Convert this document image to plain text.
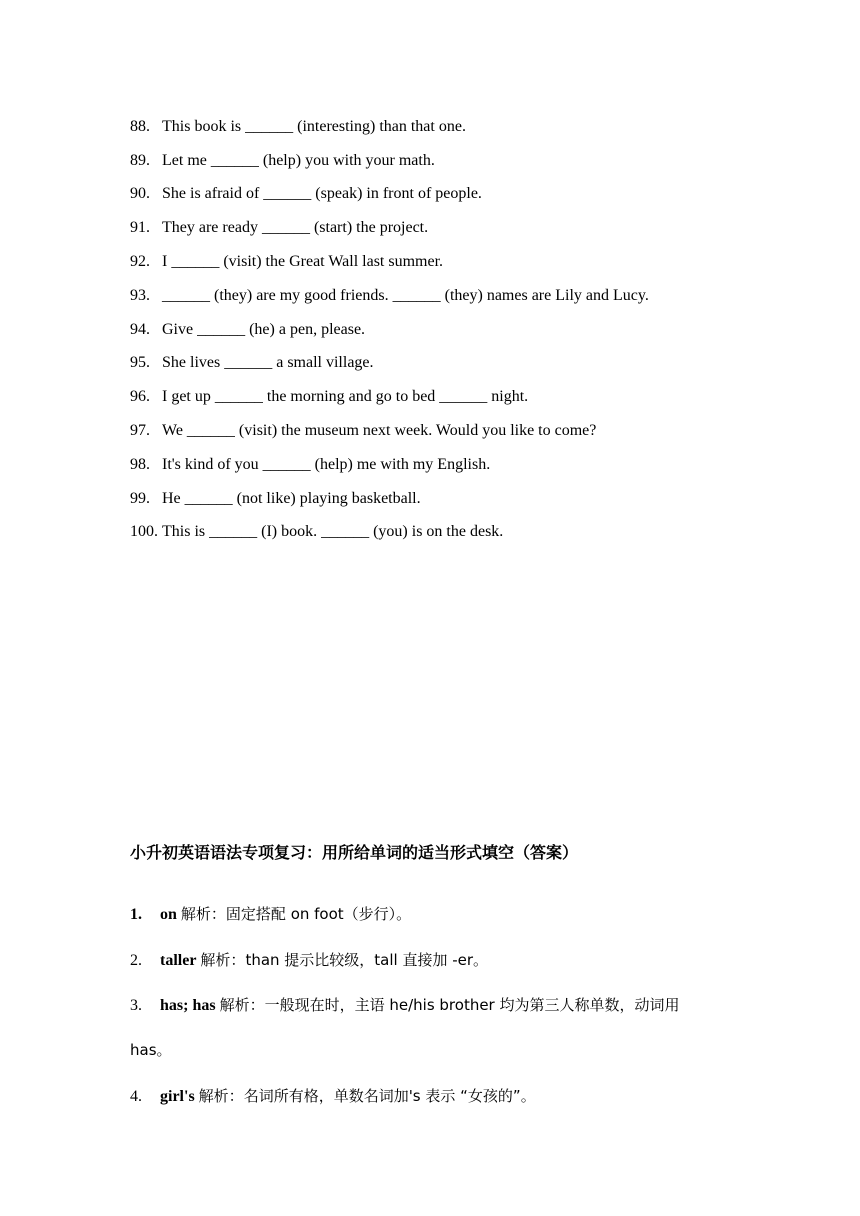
88. This book is ______ (interesting) than that one.
89. Let me ______ (help) you with your math.
90. She is afraid of ______ (speak) in front of people.
91. They are ready ______ (start) the project.
92. I ______ (visit) the Great Wall last summer.
93. ______ (they) are my good friends. ______ (they) names are Lily and Lucy.
94. Give ______ (he) a pen, please.
95. She lives ______ a small village.
96. I get up ______ the morning and go to bed ______ night.
97. We ______ (visit) the museum next week. Would you like to come?
98. It's kind of you ______ (help) me with my English.
99. He ______ (not like) playing basketball.
100. This is ______ (I) book. ______ (you) is on the desk.
小升初英语语法专项复习：用所给单词的适当形式填空（答案）
1. on 解析：固定搭配 on foot（步行）。
2. taller 解析：than 提示比较级，tall 直接加 -er。
3. has; has 解析：一般现在时，主语 he/his brother 均为第三人称单数，动词用
has。
4. girl's 解析：名词所有格，单数名词加's 表示 “女孩的”。
